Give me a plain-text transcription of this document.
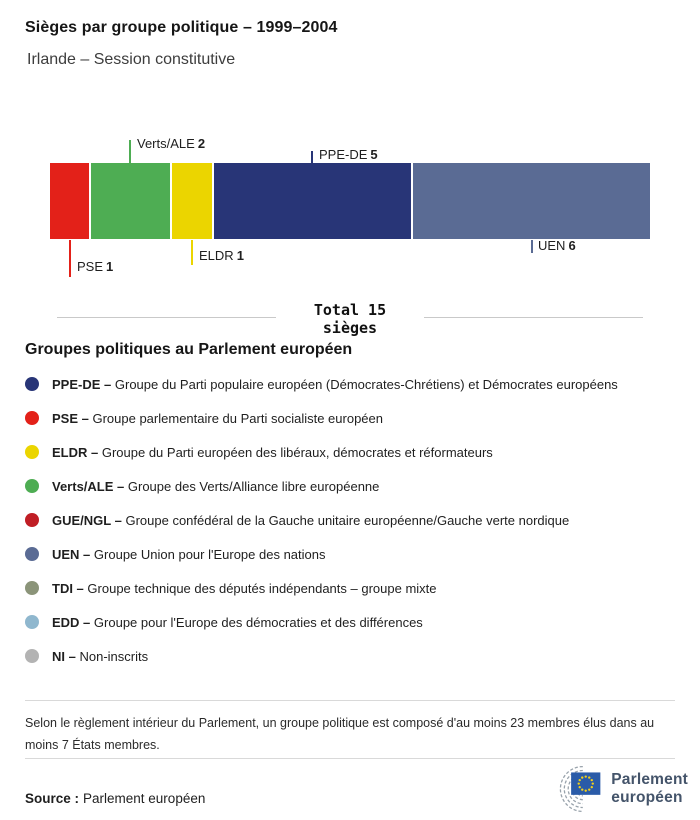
Sièges par groupe politique – 1999–2004
Irlande – Session constitutive
Verts/ALE 2
PPE-DE 5
PSE 1
ELDR 1
UEN 6
Total 15
sièges
Groupes politiques au Parlement européen
PPE-DE – Groupe du Parti populaire européen (Démocrates-Chrétiens) et Démocrates européens
PSE – Groupe parlementaire du Parti socialiste européen
ELDR – Groupe du Parti européen des libéraux, démocrates et réformateurs
Verts/ALE – Groupe des Verts/Alliance libre européenne
GUE/NGL – Groupe confédéral de la Gauche unitaire européenne/Gauche verte nordique
UEN – Groupe Union pour l'Europe des nations
TDI – Groupe technique des députés indépendants – groupe mixte
EDD – Groupe pour l'Europe des démocraties et des différences
NI – Non-inscrits
Selon le règlement intérieur du Parlement, un groupe politique est composé d'au moins 23 membres élus dans au moins 7 États membres.
Source : Parlement européen
Parlement
européen
